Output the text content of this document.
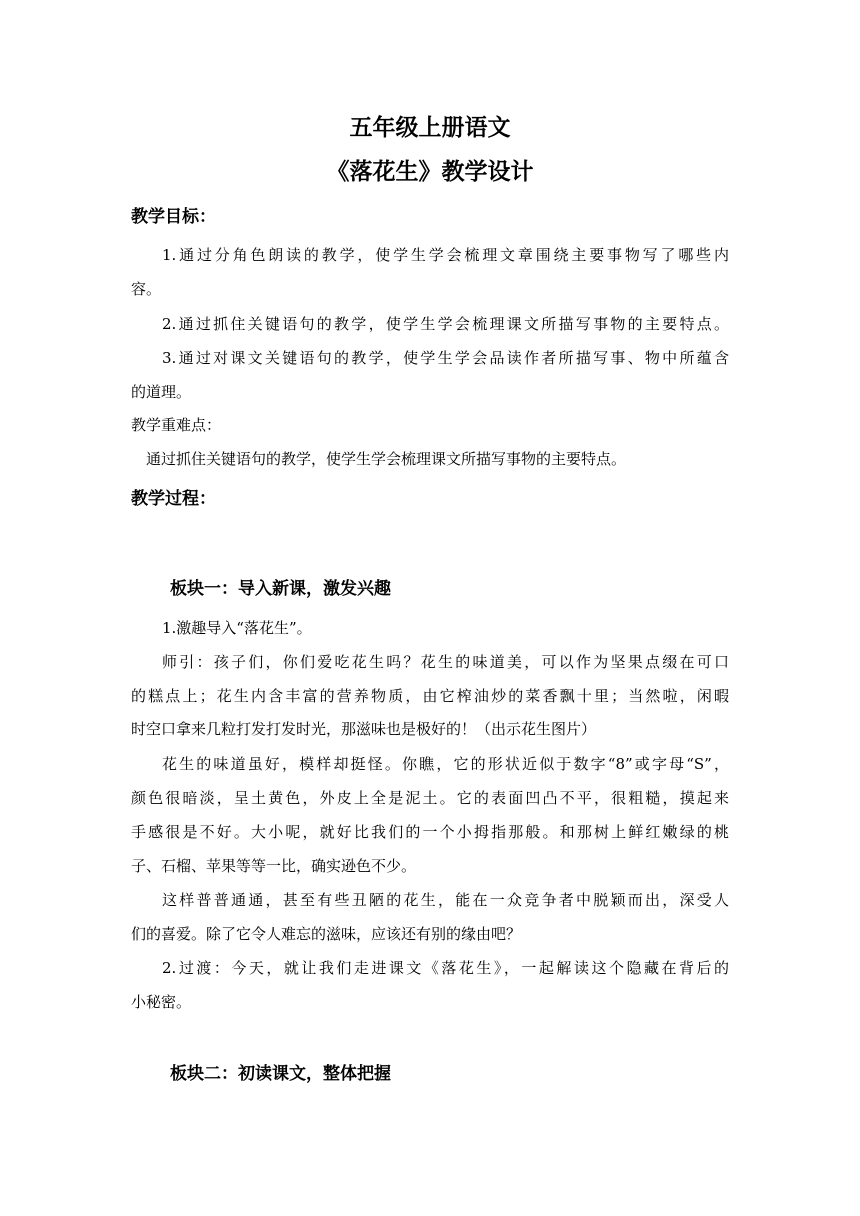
五年级上册语文
《落花生》教学设计
教学目标：
1.通过分角色朗读的教学，使学生学会梳理文章围绕主要事物写了哪些内
容。
2.通过抓住关键语句的教学，使学生学会梳理课文所描写事物的主要特点。
3.通过对课文关键语句的教学，使学生学会品读作者所描写事、物中所蕴含
的道理。
教学重难点：
通过抓住关键语句的教学，使学生学会梳理课文所描写事物的主要特点。
教学过程：
板块一：导入新课，激发兴趣
1.激趣导入“落花生”。
师引：孩子们，你们爱吃花生吗？花生的味道美，可以作为坚果点缀在可口
的糕点上；花生内含丰富的营养物质，由它榨油炒的菜香飘十里；当然啦，闲暇
时空口拿来几粒打发打发时光，那滋味也是极好的！（出示花生图片）
花生的味道虽好，模样却挺怪。你瞧，它的形状近似于数字“8”或字母“S”，
颜色很暗淡，呈土黄色，外皮上全是泥土。它的表面凹凸不平，很粗糙，摸起来
手感很是不好。大小呢，就好比我们的一个小拇指那般。和那树上鲜红嫩绿的桃
子、石榴、苹果等等一比，确实逊色不少。
这样普普通通，甚至有些丑陋的花生，能在一众竞争者中脱颖而出，深受人
们的喜爱。除了它令人难忘的滋味，应该还有别的缘由吧？
2.过渡：今天，就让我们走进课文《落花生》，一起解读这个隐藏在背后的
小秘密。
板块二：初读课文，整体把握
